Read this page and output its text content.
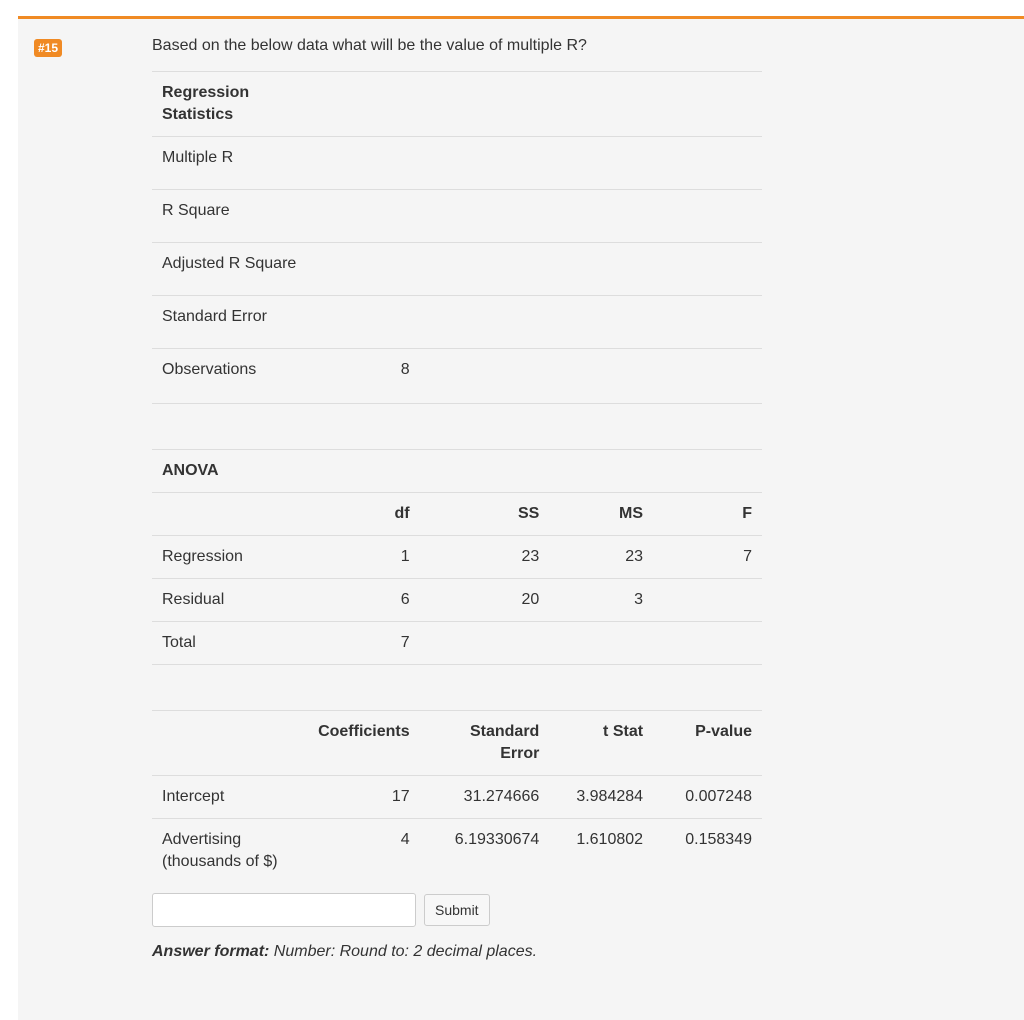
#15	Based on the below data what will be the value of multiple R?
Regression Statistics				
Multiple R				
R Square				
Adjusted R Square				
Standard Error				
Observations	8			

ANOVA				
	df	SS	MS	F
Regression	1	23	23	7
Residual	6	20	3	
Total	7			

	Coefficients	Standard Error	t Stat	P-value
Intercept	17	31.274666	3.984284	0.007248
Advertising (thousands of $)	4	6.19330674	1.610802	0.158349
Submit
Answer format: Number: Round to: 2 decimal places.
